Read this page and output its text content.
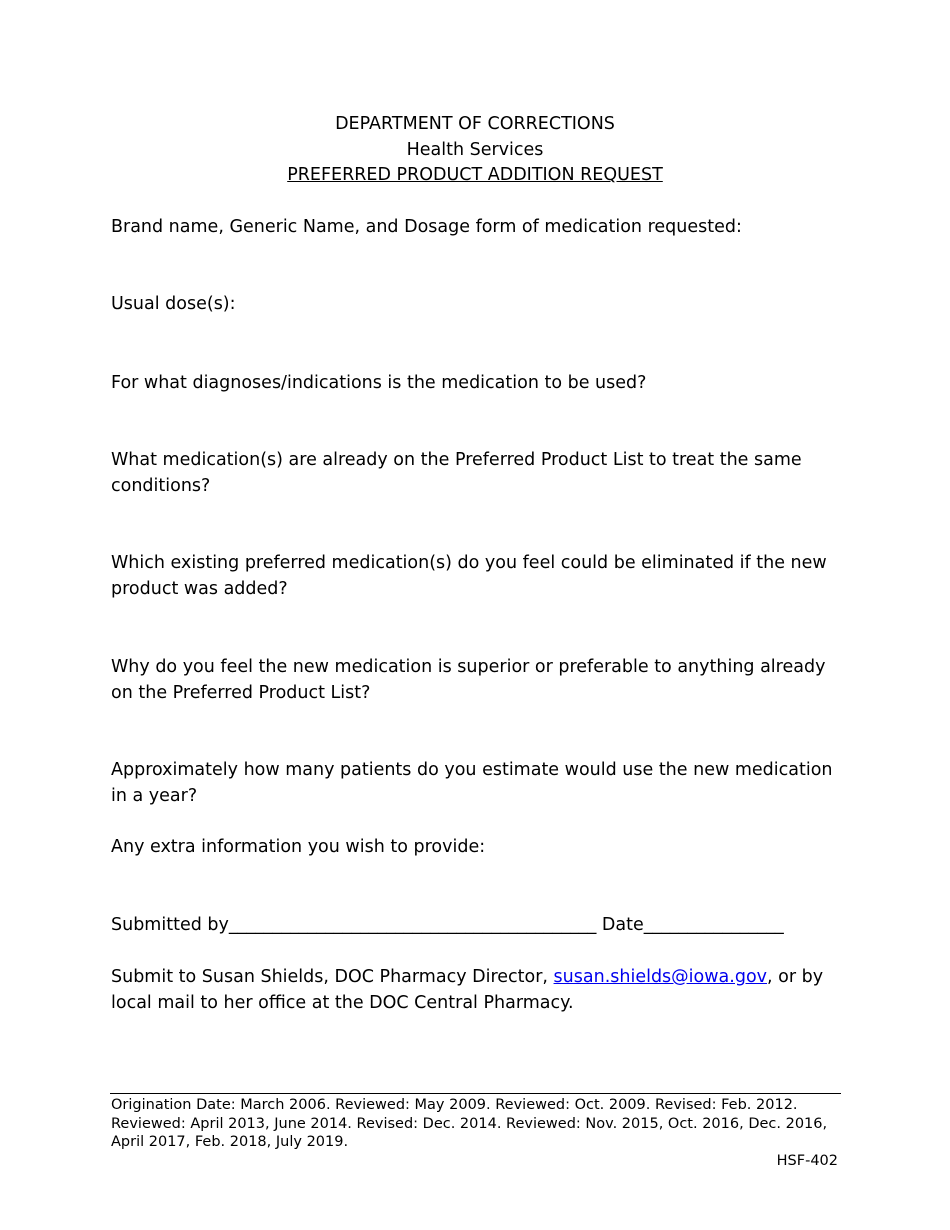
DEPARTMENT OF CORRECTIONS
Health Services
PREFERRED PRODUCT ADDITION REQUEST

Brand name, Generic Name, and Dosage form of medication requested:

Usual dose(s):

For what diagnoses/indications is the medication to be used?

What medication(s) are already on the Preferred Product List to treat the same conditions?

Which existing preferred medication(s) do you feel could be eliminated if the new product was added?

Why do you feel the new medication is superior or preferable to anything already on the Preferred Product List?

Approximately how many patients do you estimate would use the new medication in a year?

Any extra information you wish to provide:

Submitted by__________________________________________ Date________________
Submit to Susan Shields, DOC Pharmacy Director, susan.shields@iowa.gov, or by local mail to her office at the DOC Central Pharmacy.
Origination Date: March 2006. Reviewed: May 2009. Reviewed: Oct. 2009. Revised: Feb. 2012. Reviewed: April 2013, June 2014. Revised: Dec. 2014. Reviewed: Nov. 2015, Oct. 2016, Dec. 2016, April 2017, Feb. 2018, July 2019.
HSF-402
